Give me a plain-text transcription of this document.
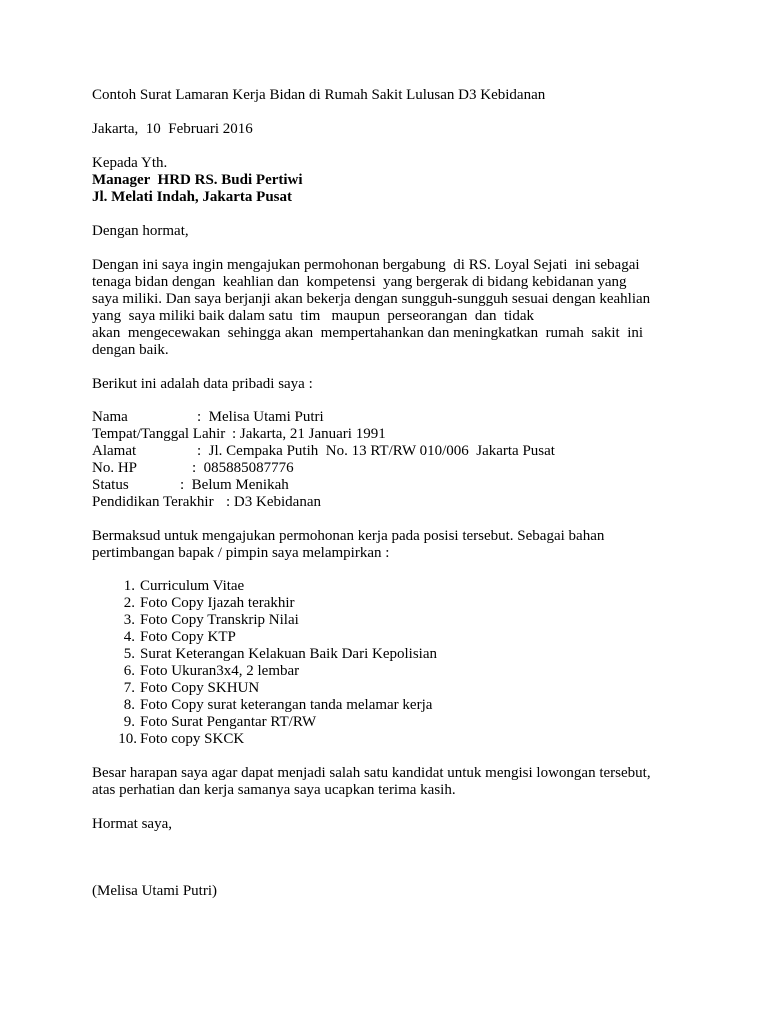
Contoh Surat Lamaran Kerja Bidan di Rumah Sakit Lulusan D3 Kebidanan

Jakarta,  10  Februari 2016

Kepada Yth.

Manager  HRD RS. Budi Pertiwi

Jl. Melati Indah, Jakarta Pusat

Dengan hormat,

Dengan ini saya ingin mengajukan permohonan bergabung  di RS. Loyal Sejati  ini sebagai

tenaga bidan dengan  keahlian dan  kompetensi  yang bergerak di bidang kebidanan yang

saya miliki. Dan saya berjanji akan bekerja dengan sungguh-sungguh sesuai dengan keahlian

yang  saya miliki baik dalam satu  tim   maupun  perseorangan  dan  tidak

akan  mengecewakan  sehingga akan  mempertahankan dan meningkatkan  rumah  sakit  ini

dengan baik.

Berikut ini adalah data pribadi saya :

Nama :  Melisa Utami Putri

Tempat/Tanggal Lahir : Jakarta, 21 Januari 1991

Alamat :  Jl. Cempaka Putih  No. 13 RT/RW 010/006  Jakarta Pusat

No. HP :  085885087776

Status :  Belum Menikah

Pendidikan Terakhir : D3 Kebidanan

Bermaksud untuk mengajukan permohonan kerja pada posisi tersebut. Sebagai bahan

pertimbangan bapak / pimpin saya melampirkan :

1. Curriculum Vitae
2. Foto Copy Ijazah terakhir
3. Foto Copy Transkrip Nilai
4. Foto Copy KTP
5. Surat Keterangan Kelakuan Baik Dari Kepolisian
6. Foto Ukuran3x4, 2 lembar
7. Foto Copy SKHUN
8. Foto Copy surat keterangan tanda melamar kerja
9. Foto Surat Pengantar RT/RW
10. Foto copy SKCK

Besar harapan saya agar dapat menjadi salah satu kandidat untuk mengisi lowongan tersebut,

atas perhatian dan kerja samanya saya ucapkan terima kasih.

Hormat saya,

(Melisa Utami Putri)
